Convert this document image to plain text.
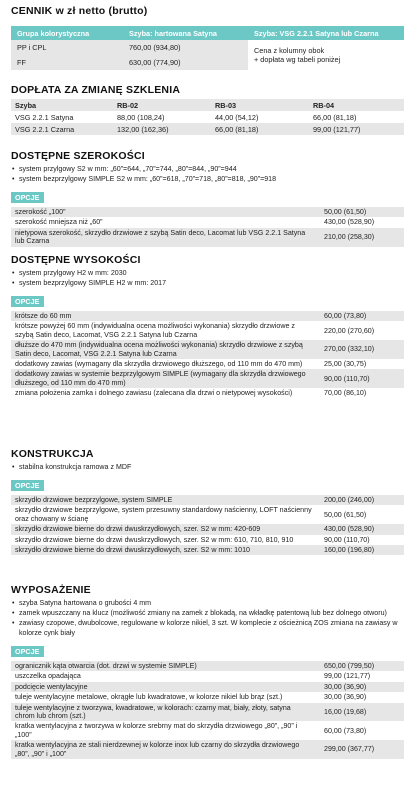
CENNIK w zł netto (brutto)
Grupa kolorystyczna	Szyba: hartowana Satyna	Szyba: VSG 2.2.1 Satyna lub Czarna
PP i CPL	760,00 (934,80)	Cena z kolumny obok
+ dopłata wg tabeli poniżej
FF	630,00 (774,90)	
DOPŁATA ZA ZMIANĘ SZKLENIA
Szyba	RB-02	RB-03	RB-04
VSG 2.2.1 Satyna	88,00 (108,24)	44,00 (54,12)	66,00 (81,18)
VSG 2.2.1 Czarna	132,00 (162,36)	66,00 (81,18)	99,00 (121,77)
DOSTĘPNE SZEROKOŚCI
• system przylgowy S2 w mm: „60”=644, „70”=744, „80”=844, „90”=944
• system bezprzylgowy SIMPLE S2 w mm: „60”=618, „70”=718, „80”=818, „90”=918
OPCJE
szerokość „100”	50,00 (61,50)
szerokość mniejsza niż „60”	430,00 (528,90)
nietypowa szerokość, skrzydło drzwiowe z szybą Satin deco, Lacomat lub VSG 2.2.1 Satyna lub Czarna	210,00 (258,30)
DOSTĘPNE WYSOKOŚCI
• system przylgowy H2 w mm: 2030
• system bezprzylgowy SIMPLE H2 w mm: 2017
OPCJE
krótsze do 60 mm	60,00 (73,80)
krótsze powyżej 60 mm (indywidualna ocena możliwości wykonania) skrzydło drzwiowe z szybą Satin deco, Lacomat, VSG 2.2.1 Satyna lub Czarna	220,00 (270,60)
dłuższe do 470 mm (indywidualna ocena możliwości wykonania) skrzydło drzwiowe z szybą Satin deco, Lacomat, VSG 2.2.1 Satyna lub Czarna	270,00 (332,10)
dodatkowy zawias (wymagany dla skrzydła drzwiowego dłuższego, od 110 mm do 470 mm)	25,00 (30,75)
dodatkowy zawias w systemie bezprzylgowym SIMPLE (wymagany dla skrzydła drzwiowego dłuższego, od 110 mm do 470 mm)	90,00 (110,70)
zmiana położenia zamka i dolnego zawiasu (zalecana dla drzwi o nietypowej wysokości)	70,00 (86,10)
KONSTRUKCJA
• stabilna konstrukcja ramowa z MDF
OPCJE
skrzydło drzwiowe bezprzylgowe, system SIMPLE	200,00 (246,00)
skrzydło drzwiowe bezprzylgowe, system przesuwny standardowy naścienny, LOFT naścienny oraz chowany w ścianę	50,00 (61,50)
skrzydło drzwiowe bierne do drzwi dwuskrzydłowych, szer. S2 w mm: 420-609	430,00 (528,90)
skrzydło drzwiowe bierne do drzwi dwuskrzydłowych, szer. S2 w mm: 610, 710, 810, 910	90,00 (110,70)
skrzydło drzwiowe bierne do drzwi dwuskrzydłowych, szer. S2 w mm: 1010	160,00 (196,80)
WYPOSAŻENIE
• szyba Satyna hartowana o grubości 4 mm
• zamek wpuszczany na klucz (możliwość zmiany na zamek z blokadą, na wkładkę patentową lub bez dolnego otworu)
• zawiasy czopowe, dwubolcowe, regulowane w kolorze nikiel, 3 szt. W komplecie z ościeżnicą ZOS zmiana na zawiasy w kolorze cynk biały
OPCJE
ogranicznik kąta otwarcia (dot. drzwi w systemie SIMPLE)	650,00 (799,50)
uszczelka opadająca	99,00 (121,77)
podcięcie wentylacyjne	30,00 (36,90)
tuleje wentylacyjne metalowe, okrągłe lub kwadratowe, w kolorze nikiel lub brąz (szt.)	30,00 (36,90)
tuleje wentylacyjne z tworzywa, kwadratowe, w kolorach: czarny mat, biały, złoty, satyna chrom lub chrom (szt.)	16,00 (19,68)
kratka wentylacyjna z tworzywa w kolorze srebrny mat do skrzydła drzwiowego „80”, „90” i „100”	60,00 (73,80)
kratka wentylacyjna ze stali nierdzewnej w kolorze inox lub czarny do skrzydła drzwiowego „80”, „90” i „100”	299,00 (367,77)
